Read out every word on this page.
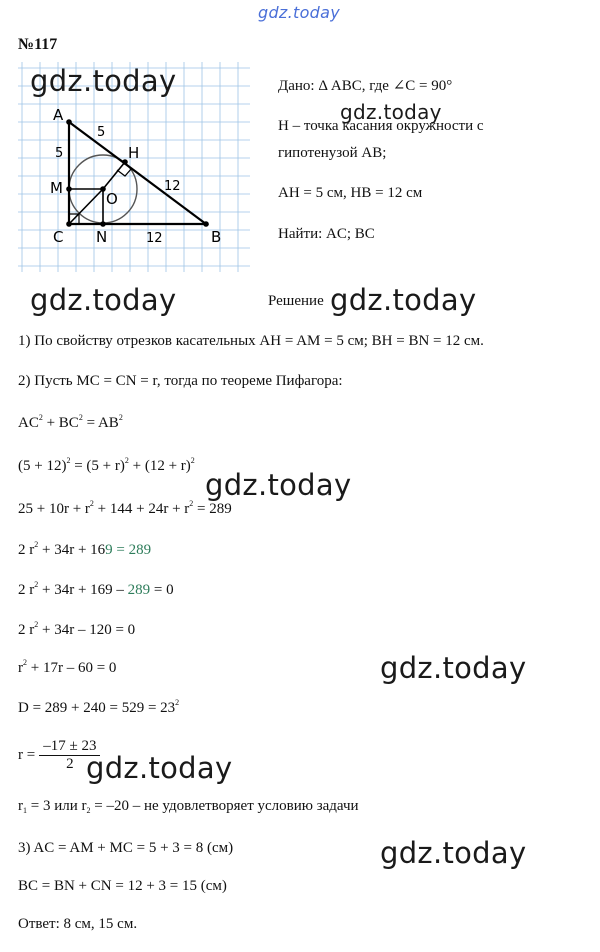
gdz.today
№117
A
B
C
H
M
N
O
5
5
12
12
Дано: Δ ABC, где ∠C = 90°
H – точка касания окружности с
гипотенузой AB;
AH = 5 см, HB = 12 см
Найти: AC; BC
Решение
1) По свойству отрезков касательных AH = AM = 5 см; BH = BN = 12 см.
2) Пусть MC = CN = r, тогда по теореме Пифагора:
$AC^2 + BC^2 = AB^2$
$(5 + 12)^2 = (5 + r)^2 + (12 + r)^2$
$25 + 10r + r^2 + 144 + 24r + r^2 = 289$
2 $r^2 + 34r + 169 = 289$
2 $r^2 + 34r + 169 - 289 = 0$
2 $r^2 + 34r - 120 = 0$
$r^2 + 17r - 60 = 0$
$D = 289 + 240 = 529 = 23^2$
$r = \frac{-17 \pm 23}{2}$
$r_1 = 3$ или $r_2 = -20$ – не удовлетворяет условию задачи
3) AC = AM + MC = 5 + 3 = 8 (см)
BC = BN + CN = 12 + 3 = 15 (см)
Ответ: 8 см, 15 см.
gdz.today
gdz.today
gdz.today	gdz.today
gdz.today
gdz.today
gdz.today
gdz.today
